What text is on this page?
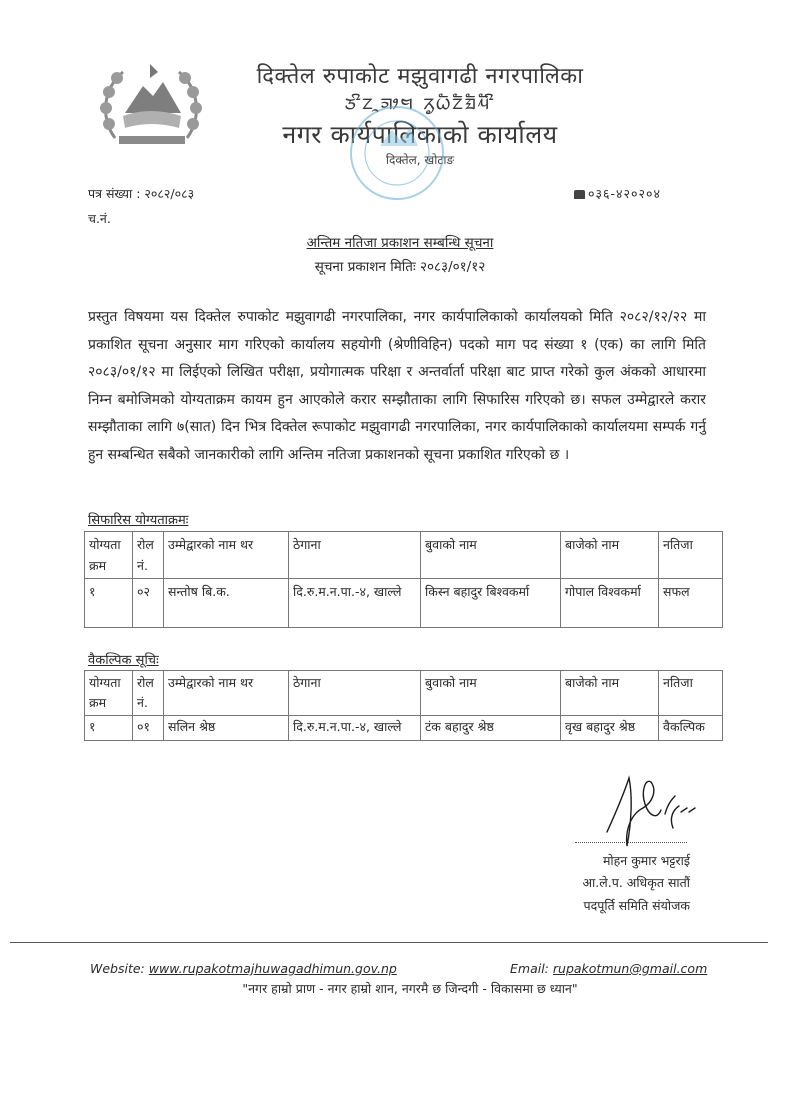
दिक्तेल रुपाकोट मझुवागढी नगरपालिका
ᤍᤡᤁᤳᤈᤣᤗ ᤖᤢᤐᤠᤁᤠᤀᤠᤘᤠᤡ
नगर कार्यपालिकाको कार्यालय
दिक्तेल, खोटाङ
पत्र संख्या : २०८२/०८३
च.नं.
०३६-४२०२०४
अन्तिम नतिजा प्रकाशन सम्बन्धि सूचना
सूचना प्रकाशन मितिः २०८३/०१/१२

प्रस्तुत विषयमा यस दिक्तेल रुपाकोट मझुवागढी नगरपालिका, नगर कार्यपालिकाको कार्यालयको मिति २०८२/१२/२२ मा प्रकाशित सूचना अनुसार माग गरिएको कार्यालय सहयोगी (श्रेणीविहिन) पदको माग पद संख्या १ (एक) का लागि मिति २०८३/०१/१२ मा लिईएको लिखित परीक्षा, प्रयोगात्मक परिक्षा र अन्तर्वार्ता परिक्षा बाट प्राप्त गरेको कुल अंकको आधारमा निम्न बमोजिमको योग्यताक्रम कायम हुन आएकोले करार सम्झौताका लागि सिफारिस गरिएको छ। सफल उम्मेद्वारले करार सम्झौताका लागि ७(सात) दिन भित्र दिक्तेल रूपाकोट मझुवागढी नगरपालिका, नगर कार्यपालिकाको कार्यालयमा सम्पर्क गर्नु हुन सम्बन्धित सबैको जानकारीको लागि अन्तिम नतिजा प्रकाशनको सूचना प्रकाशित गरिएको छ ।

सिफारिस योग्यताक्रमः
योग्यता क्रम	रोल नं.	उम्मेद्वारको नाम थर	ठेगाना	बुवाको नाम	बाजेको नाम	नतिजा
१	०२	सन्तोष बि.क.	दि.रु.म.न.पा.-४, खाल्ले	किस्न बहादुर बिश्वकर्मा	गोपाल विश्वकर्मा	सफल
वैकल्पिक सूचिः
योग्यता क्रम	रोल नं.	उम्मेद्वारको नाम थर	ठेगाना	बुवाको नाम	बाजेको नाम	नतिजा
१	०१	सलिन श्रेष्ठ	दि.रु.म.न.पा.-४, खाल्ले	टंक बहादुर श्रेष्ठ	वृख बहादुर श्रेष्ठ	वैकल्पिक
मोहन कुमार भट्टराई
आ.ले.प. अधिकृत सातौं
पदपूर्ति समिति संयोजक
Website: www.rupakotmajhuwagadhimun.gov.np	Email: rupakotmun@gmail.com
"नगर हाम्रो प्राण - नगर हाम्रो शान, नगरमै छ जिन्दगी - विकासमा छ ध्यान"
